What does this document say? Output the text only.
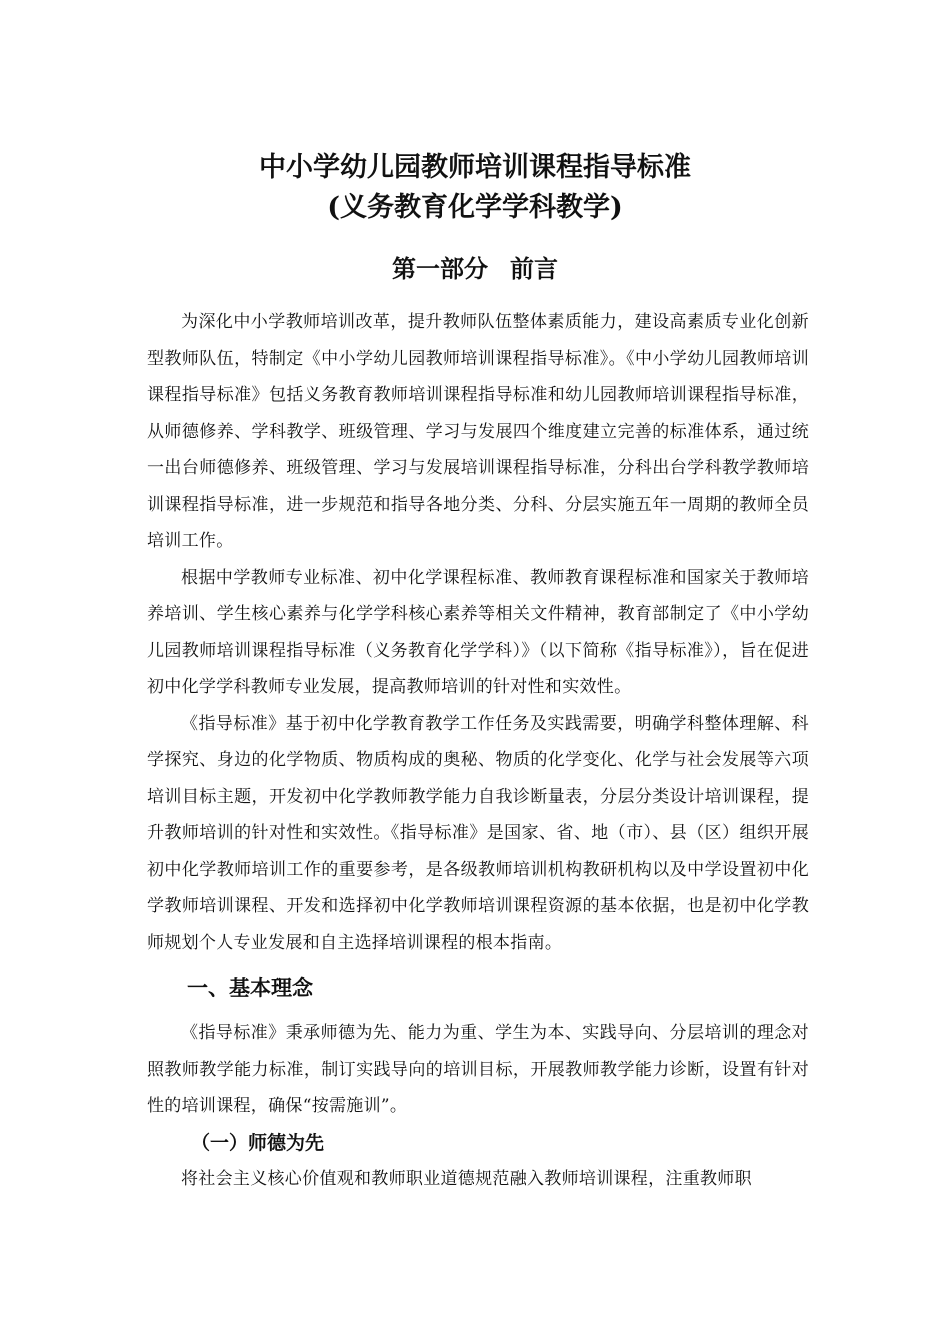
中小学幼儿园教师培训课程指导标准
(义务教育化学学科教学)
第一部分 前言

为深化中小学教师培训改革，提升教师队伍整体素质能力，建设高素质专业化创新型教师队伍，特制定《中小学幼儿园教师培训课程指导标准》。《中小学幼儿园教师培训课程指导标准》包括义务教育教师培训课程指导标准和幼儿园教师培训课程指导标准，从师德修养、学科教学、班级管理、学习与发展四个维度建立完善的标准体系，通过统一出台师德修养、班级管理、学习与发展培训课程指导标准，分科出台学科教学教师培训课程指导标准，进一步规范和指导各地分类、分科、分层实施五年一周期的教师全员培训工作。

根据中学教师专业标准、初中化学课程标准、教师教育课程标准和国家关于教师培养培训、学生核心素养与化学学科核心素养等相关文件精神，教育部制定了《中小学幼儿园教师培训课程指导标准（义务教育化学学科）》（以下简称《指导标准》），旨在促进初中化学学科教师专业发展，提高教师培训的针对性和实效性。

《指导标准》基于初中化学教育教学工作任务及实践需要，明确学科整体理解、科学探究、身边的化学物质、物质构成的奥秘、物质的化学变化、化学与社会发展等六项培训目标主题，开发初中化学教师教学能力自我诊断量表，分层分类设计培训课程，提升教师培训的针对性和实效性。《指导标准》是国家、省、地（市）、县（区）组织开展初中化学教师培训工作的重要参考，是各级教师培训机构教研机构以及中学设置初中化学教师培训课程、开发和选择初中化学教师培训课程资源的基本依据，也是初中化学教师规划个人专业发展和自主选择培训课程的根本指南。

一、基本理念

《指导标准》秉承师德为先、能力为重、学生为本、实践导向、分层培训的理念对照教师教学能力标准，制订实践导向的培训目标，开展教师教学能力诊断，设置有针对性的培训课程，确保“按需施训”。

（一）师德为先

将社会主义核心价值观和教师职业道德规范融入教师培训课程，注重教师职
